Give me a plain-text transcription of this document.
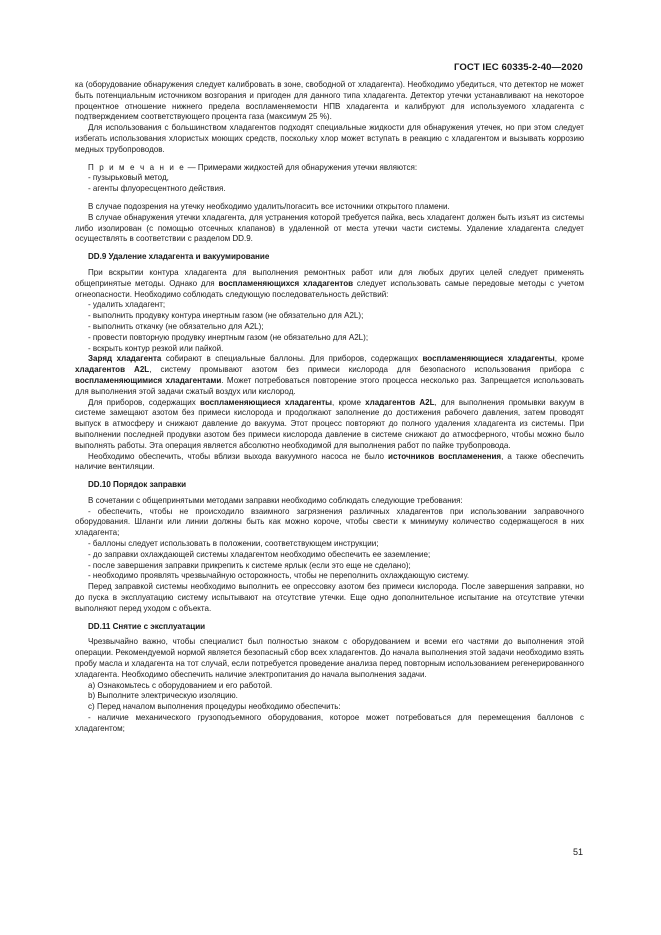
ГОСТ IEC 60335-2-40—2020

ка (оборудование обнаружения следует калибровать в зоне, свободной от хладагента). Необходимо убедиться, что детектор не может быть потенциальным источником возгорания и пригоден для данного типа хладагента. Детектор утечки устанавливают на некоторое процентное отношение нижнего предела воспламеняемости НПВ хладагента и калибруют для используемого хладагента с подтверждением соответствующего процента газа (максимум 25 %).

Для использования с большинством хладагентов подходят специальные жидкости для обнаружения утечек, но при этом следует избегать использования хлористых моющих средств, поскольку хлор может вступать в реакцию с хладагентом и вызывать коррозию медных трубопроводов.

П р и м е ч а н и е — Примерами жидкостей для обнаружения утечки являются:

- пузырьковый метод,

- агенты флуоресцентного действия.

В случае подозрения на утечку необходимо удалить/погасить все источники открытого пламени.

В случае обнаружения утечки хладагента, для устранения которой требуется пайка, весь хладагент должен быть изъят из системы либо изолирован (с помощью отсечных клапанов) в удаленной от места утечки части системы. Удаление хладагента следует осуществлять в соответствии с разделом DD.9.

DD.9 Удаление хладагента и вакуумирование

При вскрытии контура хладагента для выполнения ремонтных работ или для любых других целей следует применять общепринятые методы. Однако для воспламеняющихся хладагентов следует использовать самые передовые методы с учетом огнеопасности. Необходимо соблюдать следующую последовательность действий:

- удалить хладагент;

- выполнить продувку контура инертным газом (не обязательно для A2L);

- выполнить откачку (не обязательно для A2L);

- провести повторную продувку инертным газом (не обязательно для A2L);

- вскрыть контур резкой или пайкой.

Заряд хладагента собирают в специальные баллоны. Для приборов, содержащих воспламеняющиеся хладагенты, кроме хладагентов A2L, систему промывают азотом без примеси кислорода для безопасного использования прибора с воспламеняющимися хладагентами. Может потребоваться повторение этого процесса несколько раз. Запрещается использовать для выполнения этой задачи сжатый воздух или кислород.

Для приборов, содержащих воспламеняющиеся хладагенты, кроме хладагентов A2L, для выполнения промывки вакуум в системе замещают азотом без примеси кислорода и продолжают заполнение до достижения рабочего давления, затем проводят выпуск в атмосферу и снижают давление до вакуума. Этот процесс повторяют до полного удаления хладагента из системы. При выполнении последней продувки азотом без примеси кислорода давление в системе снижают до атмосферного, чтобы можно было выполнять работы. Эта операция является абсолютно необходимой для выполнения работ по пайке трубопровода.

Необходимо обеспечить, чтобы вблизи выхода вакуумного насоса не было источников воспламенения, а также обеспечить наличие вентиляции.

DD.10 Порядок заправки

В сочетании с общепринятыми методами заправки необходимо соблюдать следующие требования:

- обеспечить, чтобы не происходило взаимного загрязнения различных хладагентов при использовании заправочного оборудования. Шланги или линии должны быть как можно короче, чтобы свести к минимуму количество содержащегося в них хладагента;

- баллоны следует использовать в положении, соответствующем инструкции;

- до заправки охлаждающей системы хладагентом необходимо обеспечить ее заземление;

- после завершения заправки прикрепить к системе ярлык (если это еще не сделано);

- необходимо проявлять чрезвычайную осторожность, чтобы не переполнить охлаждающую систему.

Перед заправкой системы необходимо выполнить ее опрессовку азотом без примеси кислорода. После завершения заправки, но до пуска в эксплуатацию систему испытывают на отсутствие утечки. Еще одно дополнительное испытание на отсутствие утечки выполняют перед уходом с объекта.

DD.11 Снятие с эксплуатации

Чрезвычайно важно, чтобы специалист был полностью знаком с оборудованием и всеми его частями до выполнения этой операции. Рекомендуемой нормой является безопасный сбор всех хладагентов. До начала выполнения этой задачи необходимо взять пробу масла и хладагента на тот случай, если потребуется проведение анализа перед повторным использованием регенерированного хладагента. Необходимо обеспечить наличие электропитания до начала выполнения задачи.

а) Ознакомьтесь с оборудованием и его работой.

b) Выполните электрическую изоляцию.

с) Перед началом выполнения процедуры необходимо обеспечить:

- наличие механического грузоподъемного оборудования, которое может потребоваться для перемещения баллонов с хладагентом;

51
